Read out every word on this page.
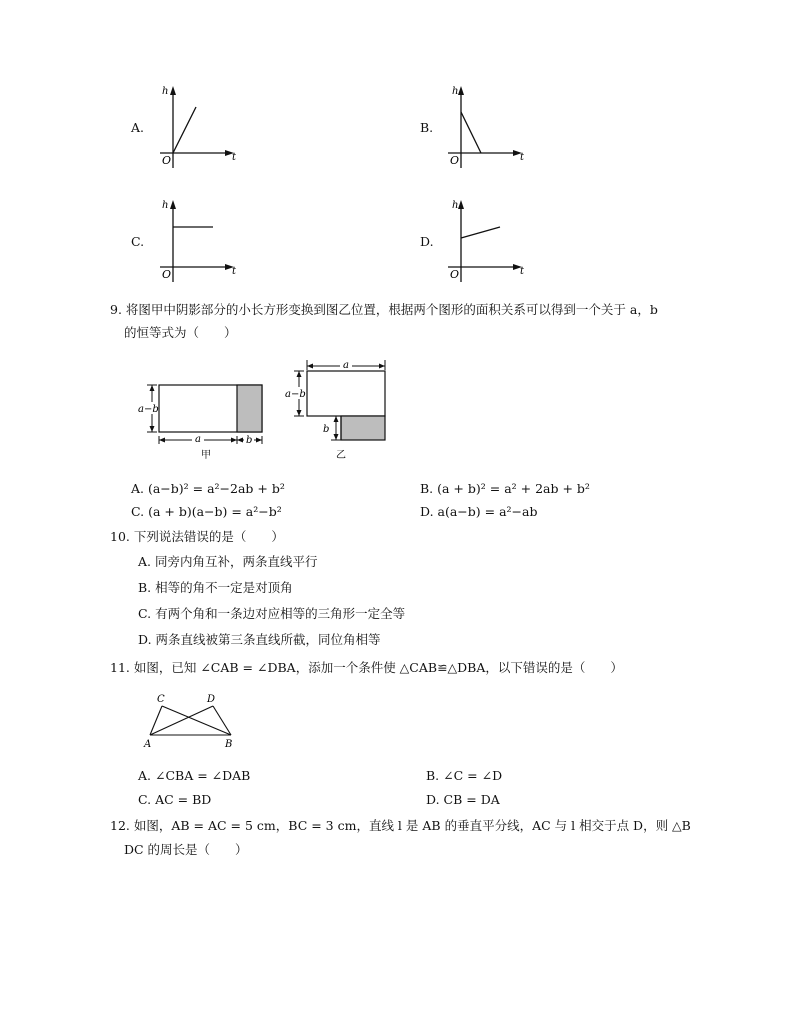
A.
h
t
O
B.
h
t
O
C.
h
t
O
D.
h
t
O
9. 将图甲中阴影部分的小长方形变换到图乙位置，根据两个图形的面积关系可以得到一个关于 a，b
的恒等式为（　　）
a−b
a	b
甲
a
a−b
b
乙
A. (a−b)² = a²−2ab + b²	B. (a + b)² = a² + 2ab + b²
C. (a + b)(a−b) = a²−b²	D. a(a−b) = a²−ab
10. 下列说法错误的是（　　）
A. 同旁内角互补，两条直线平行
B. 相等的角不一定是对顶角
C. 有两个角和一条边对应相等的三角形一定全等
D. 两条直线被第三条直线所截，同位角相等
11. 如图，已知 ∠CAB = ∠DBA，添加一个条件使 △CAB≌△DBA，以下错误的是（　　）
C	D
A	B
A. ∠CBA = ∠DAB	B. ∠C = ∠D
C. AC = BD	D. CB = DA
12. 如图，AB = AC = 5 cm，BC = 3 cm，直线 l 是 AB 的垂直平分线，AC 与 l 相交于点 D，则 △B
DC 的周长是（　　）
